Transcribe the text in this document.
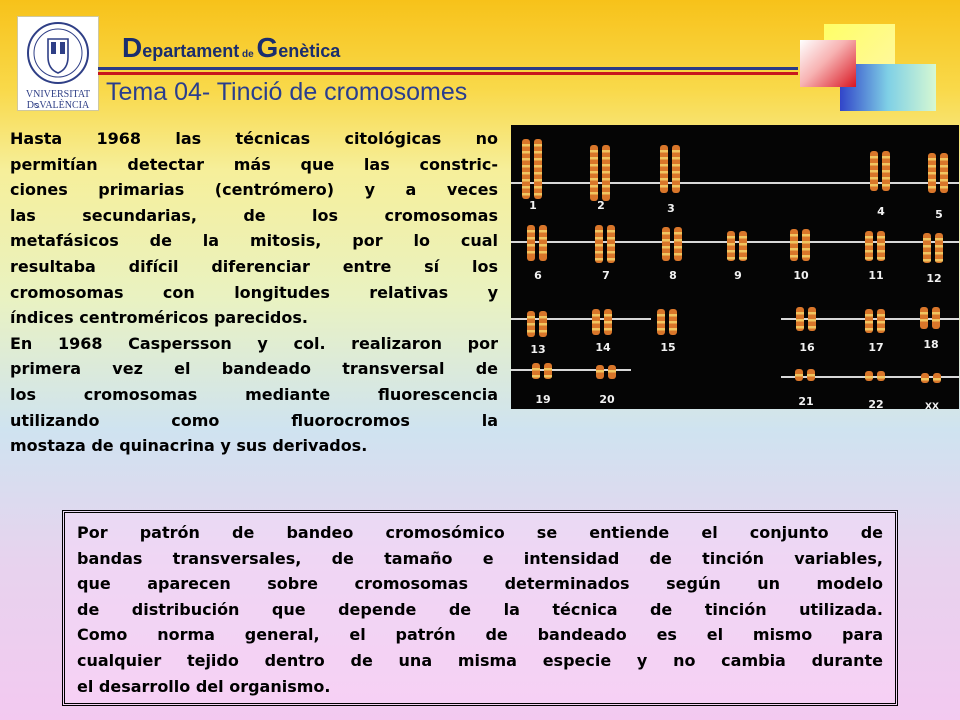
VNIVERSITAT
DᴓVALÈNCIA
Departament de Genètica
Tema 04- Tinció de cromosomes

Hasta 1968 las técnicas citológicas no

permitían detectar más que las constric-

ciones primarias (centrómero) y a veces

las secundarias, de los cromosomas

metafásicos de la mitosis, por lo cual

resultaba difícil diferenciar entre sí los

cromosomas con longitudes relativas y

índices centroméricos parecidos.

En 1968 Caspersson y col. realizaron por

primera vez el bandeado transversal de

los cromosomas mediante fluorescencia

utilizando como fluorocromos la

mostaza de quinacrina y sus derivados.

1	2	3	4	5
6	7	8	9	10	11	12
13	14	15	16	17	18
19	20	21	22	XX

Por patrón de bandeo cromosómico se entiende el conjunto de

bandas transversales, de tamaño e intensidad de tinción variables,

que aparecen sobre cromosomas determinados según un modelo

de distribución que depende de la técnica de tinción utilizada.

Como norma general, el patrón de bandeado es el mismo para

cualquier tejido dentro de una misma especie y no cambia durante

el desarrollo del organismo.
